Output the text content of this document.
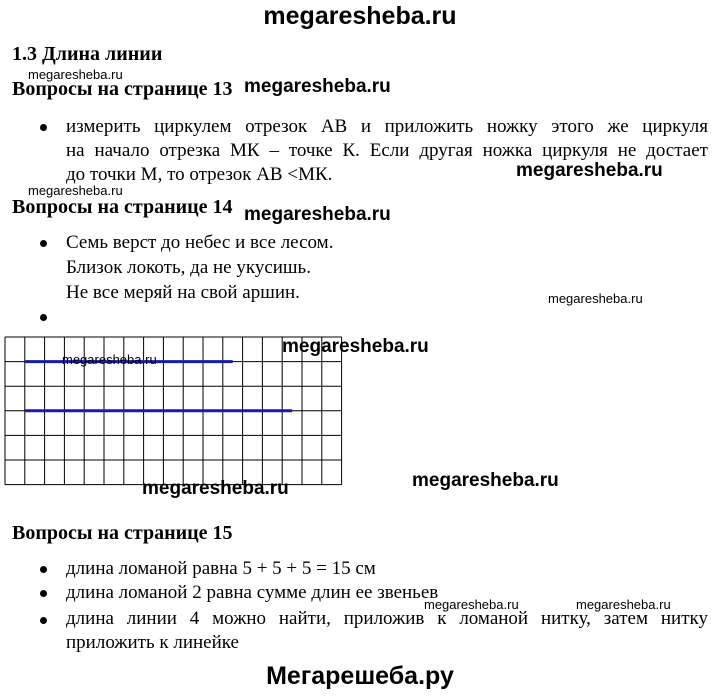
megaresheba.ru
1.3 Длина линии
megaresheba.ru
Вопросы на странице 13 megaresheba.ru
измерить циркулем отрезок АВ и приложить ножку этого же циркуля
на начало отрезка МК – точке К. Если другая ножка циркуля не достает
до точки М, то отрезок АВ <МК.	megaresheba.ru
megaresheba.ru
Вопросы на странице 14 megaresheba.ru
Семь верст до небес и все лесом.
Близок локоть, да не укусишь.
Не все меряй на свой аршин.	megaresheba.ru
megaresheba.ru
megaresheba.ru
megaresheba.ru	megaresheba.ru
Вопросы на странице 15
длина ломаной равна 5 + 5 + 5 = 15 см
длина ломаной 2 равна сумме длин ее звеньев
megaresheba.ru	megaresheba.ru
длина линии 4 можно найти, приложив к ломаной нитку, затем нитку
приложить к линейке
Мегарешеба.ру
